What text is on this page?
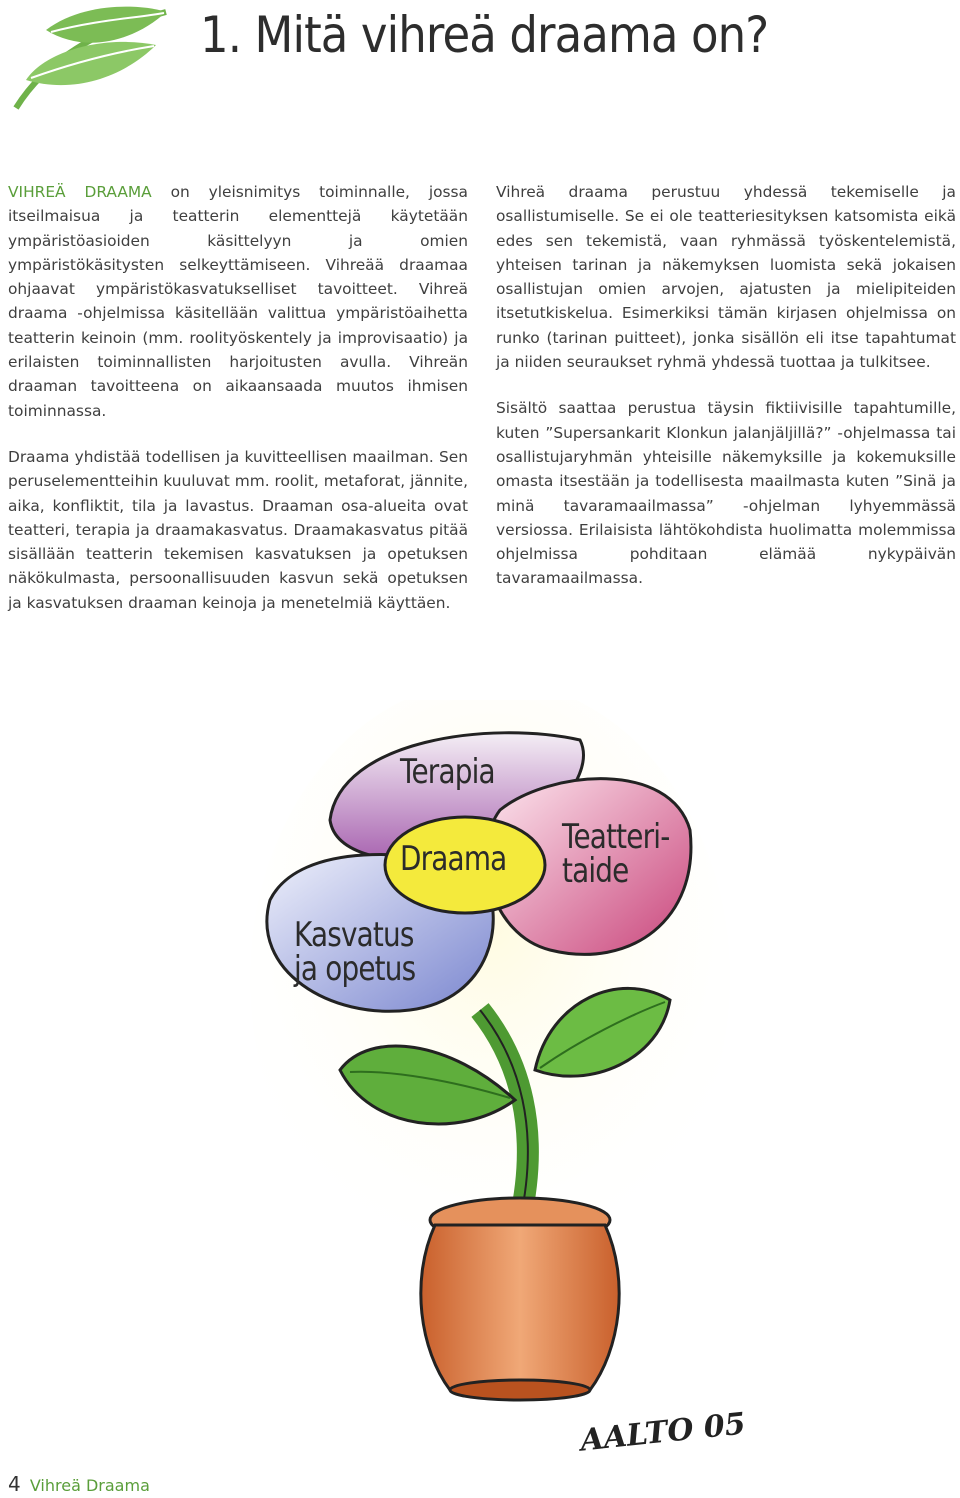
1. Mitä vihreä draama on?

VIHREÄ DRAAMA on yleisnimitys toiminnalle, jossa itseilmaisua ja teatterin elementtejä käytetään ympäristöasioiden käsittelyyn ja omien ympäristökäsitysten selkeyttämiseen. Vihreää draamaa ohjaavat ympäristökasvatukselliset tavoitteet. Vihreä draama -ohjelmissa käsitellään valittua ympäristöaihetta teatterin keinoin (mm. roolityöskentely ja improvisaatio) ja erilaisten toiminnallisten harjoitusten avulla. Vihreän draaman tavoitteena on aikaansaada muutos ihmisen toiminnassa.

Draama yhdistää todellisen ja kuvitteellisen maailman. Sen peruselementteihin kuuluvat mm. roolit, metaforat, jännite, aika, konfliktit, tila ja lavastus. Draaman osa-alueita ovat teatteri, terapia ja draamakasvatus. Draamakasvatus pitää sisällään teatterin tekemisen kasvatuksen ja opetuksen näkökulmasta, persoonallisuuden kasvun sekä opetuksen ja kasvatuksen draaman keinoja ja menetelmiä käyttäen.

Vihreä draama perustuu yhdessä tekemiselle ja osallistumiselle. Se ei ole teatteriesityksen katsomista eikä edes sen tekemistä, vaan ryhmässä työskentelemistä, yhteisen tarinan ja näkemyksen luomista sekä jokaisen osallistujan omien arvojen, ajatusten ja mielipiteiden itsetutkiskelua. Esimerkiksi tämän kirjasen ohjelmissa on runko (tarinan puitteet), jonka sisällön eli itse tapahtumat ja niiden seuraukset ryhmä yhdessä tuottaa ja tulkitsee.

Sisältö saattaa perustua täysin fiktiivisille tapahtumille, kuten ”Supersankarit Klonkun jalanjäljillä?” -ohjelmassa tai osallistujaryhmän yhteisille näkemyksille ja kokemuksille omasta itsestään ja todellisesta maailmasta kuten ”Sinä ja minä tavaramaailmassa” -ohjelman lyhyemmässä versiossa. Erilaisista lähtökohdista huolimatta molemmissa ohjelmissa pohditaan elämää nykypäivän tavaramaailmassa.

Terapia
Draama
Teatteri-
taide
Kasvatus
ja opetus
AALTO 05
4 Vihreä Draama
